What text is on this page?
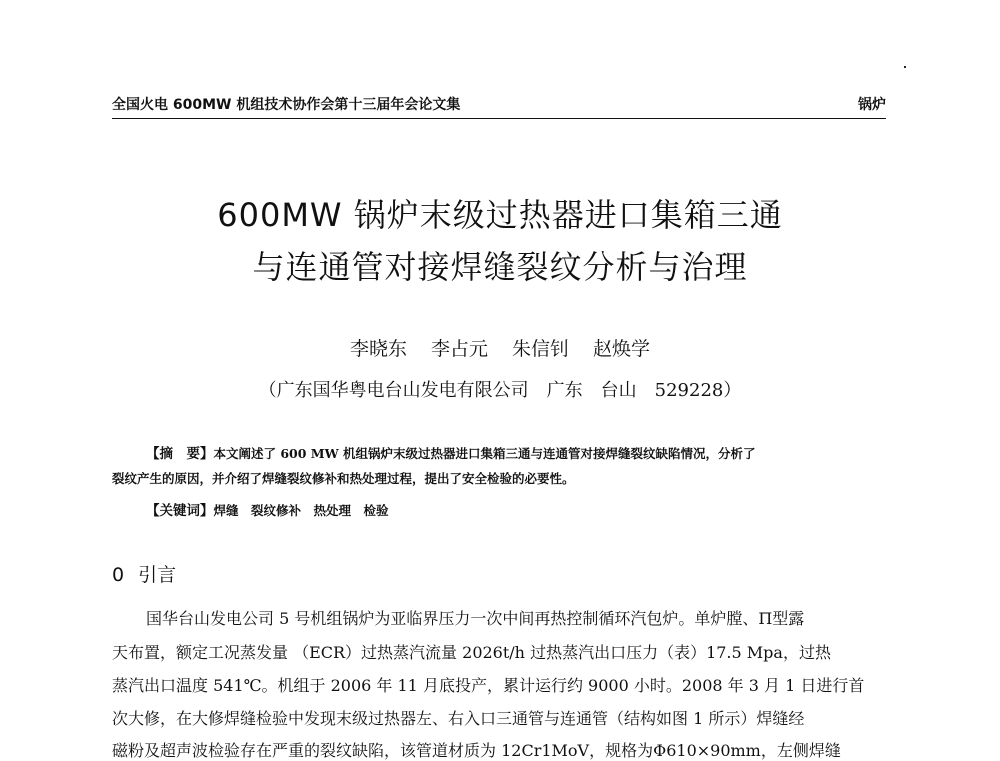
全国火电 600MW 机组技术协作会第十三届年会论文集	锅炉
600MW 锅炉末级过热器进口集箱三通
与连通管对接焊缝裂纹分析与治理
李晓东 李占元 朱信钊 赵焕学
（广东国华粤电台山发电有限公司　广东　台山　529228）
【摘　要】本文阐述了 600 MW 机组锅炉末级过热器进口集箱三通与连通管对接焊缝裂纹缺陷情况，分析了
裂纹产生的原因，并介绍了焊缝裂纹修补和热处理过程，提出了安全检验的必要性。
【关键词】焊缝　裂纹修补　热处理　检验
0 引言
国华台山发电公司 5 号机组锅炉为亚临界压力一次中间再热控制循环汽包炉。单炉膛、Π型露
天布置，额定工况蒸发量 （ECR）过热蒸汽流量 2026t/h 过热蒸汽出口压力（表）17.5 Mpa，过热
蒸汽出口温度 541℃。机组于 2006 年 11 月底投产，累计运行约 9000 小时。2008 年 3 月 1 日进行首
次大修，在大修焊缝检验中发现末级过热器左、右入口三通管与连通管（结构如图 1 所示）焊缝经
磁粉及超声波检验存在严重的裂纹缺陷，该管道材质为 12Cr1MoV，规格为Φ610×90mm，左侧焊缝
